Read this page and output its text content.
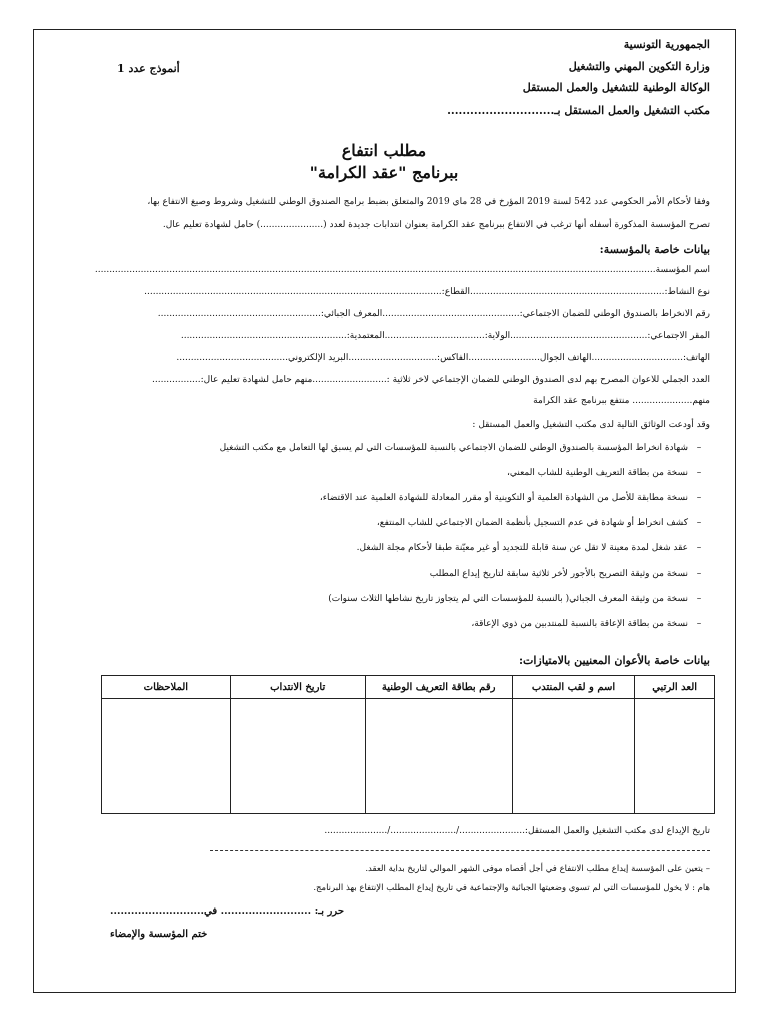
الجمهورية التونسية
وزارة التكوين المهني والتشغيل
الوكالة الوطنية للتشغيل والعمل المستقل
مكتب التشغيل والعمل المستقل بـ............................
أنموذج عدد 1
مطلب انتفاع
ببرنامج "عقد الكرامة"
وفقا لأحكام الأمر الحكومي عدد 542 لسنة 2019 المؤرخ في 28 ماي 2019 والمتعلق بضبط برامج الصندوق الوطني للتشغيل وشروط وصيغ الانتفاع بها،
تصرح المؤسسة المذكورة أسفله أنها ترغب في الانتفاع ببرنامج عقد الكرامة بعنوان انتدابات جديدة لعدد (......................) حامل لشهادة تعليم عال.
بيانات خاصة بالمؤسسة:
اسم المؤسسة....................................................................................................................................................................................................
نوع النشاط:....................................................................القطاع:........................................................................................................
رقم الانخراط بالصندوق الوطني للضمان الاجتماعي:................................................المعرف الجبائي:.........................................................
المقر الاجتماعي:................................................الولاية:...................................المعتمدية:..........................................................
الهاتف:................................الهاتف الجوال.........................الفاكس:...............................البريد الإلكتروني.......................................
العدد الجملي للأعوان المصرح بهم لدى الصندوق الوطني للضمان الإجتماعي لأخر ثلاثية :..........................منهم حامل لشهادة تعليم عال:.................
منهم..................... منتفع ببرنامج عقد الكرامة
وقد أودعت الوثائق التالية لدى مكتب التشغيل والعمل المستقل :
–شهادة انخراط المؤسسة بالصندوق الوطني للضمان الاجتماعي بالنسبة للمؤسسات التي لم يسبق لها التعامل مع مكتب التشغيل
–نسخة من بطاقة التعريف الوطنية للشاب المعني،
–نسخة مطابقة للأصل من الشهادة العلمية أو التكوينية أو مقرر المعادلة للشهادة العلمية عند الاقتضاء،
–كشف انخراط أو شهادة في عدم التسجيل بأنظمة الضمان الاجتماعي للشاب المنتفع،
–عقد شغل لمدة معينة لا تقل عن سنة قابلة للتجديد أو غير معيّنة طبقا لأحكام مجلة الشغل.
–نسخة من وثيقة التصريح بالأجور لأخر ثلاثية سابقة لتاريخ إيداع المطلب
–نسخة من وثيقة المعرف الجبائي( بالنسبة للمؤسسات التي لم يتجاوز تاريخ نشاطها الثلاث سنوات)
–نسخة من بطاقة الإعاقة بالنسبة للمنتدبين من ذوي الإعاقة،
بيانات خاصة بالأعوان المعنيين بالامتيازات:
العد الرتبي	اسم و لقب المنتدب	رقم بطاقة التعريف الوطنية	تاريخ الانتداب	الملاحظات

تاريخ الإيداع لدى مكتب التشغيل والعمل المستقل:......................./......................./......................
– يتعين على المؤسسة إيداع مطلب الانتفاع في أجل أقصاه موفى الشهر الموالي لتاريخ بداية العقد.
هام : لا يخول للمؤسسات التي لم تسوي وضعيتها الجبائية والإجتماعية في تاريخ إيداع المطلب الإنتفاع بهذ البرنامج.
حرر بـ: .......................... في...........................
ختم المؤسسة والإمضاء
